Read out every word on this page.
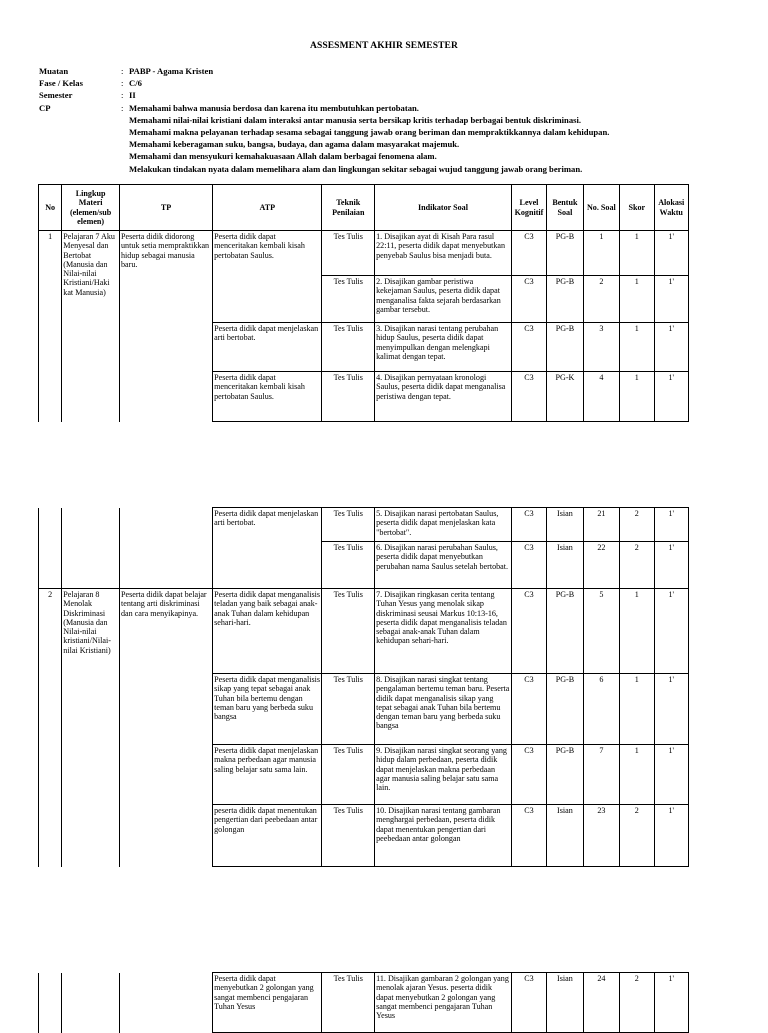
ASSESMENT AKHIR SEMESTER
Muatan	: PABP - Agama Kristen
Fase / Kelas	: C/6
Semester	: II
CP	: Memahami bahwa manusia berdosa dan karena itu membutuhkan pertobatan.
Memahami nilai-nilai kristiani dalam interaksi antar manusia serta bersikap kritis terhadap berbagai bentuk diskriminasi.
Memahami makna pelayanan terhadap sesama sebagai tanggung jawab orang beriman dan mempraktikkannya dalam kehidupan.
Memahami keberagaman suku, bangsa, budaya, dan agama dalam masyarakat majemuk.
Memahami dan mensyukuri kemahakuasaan Allah dalam berbagai fenomena alam.
Melakukan tindakan nyata dalam memelihara alam dan lingkungan sekitar sebagai wujud tanggung jawab orang beriman.
No	Lingkup Materi (elemen/sub elemen)	TP	ATP	Teknik Penilaian	Indikator Soal	Level Kognitif	Bentuk Soal	No. Soal	Skor	Alokasi Waktu
1	Pelajaran 7 Aku Menyesal dan Bertobat (Manusia dan Nilai-nilai Kristiani/Haki kat Manusia)	Peserta didik didorong untuk setia mempraktikkan hidup sebagai manusia baru.	Peserta didik dapat menceritakan kembali kisah pertobatan Saulus.	Tes Tulis	1. Disajikan ayat di Kisah Para rasul 22:11, peserta didik dapat menyebutkan penyebab Saulus bisa menjadi buta.	C3	PG-B	1	1	1'
				Tes Tulis	2. Disajikan gambar peristiwa kekejaman Saulus, peserta didik dapat menganalisa fakta sejarah berdasarkan gambar tersebut.	C3	PG-B	2	1	1'
			Peserta didik dapat menjelaskan arti bertobat.	Tes Tulis	3. Disajikan narasi tentang perubahan hidup Saulus, peserta didik dapat menyimpulkan dengan melengkapi kalimat dengan tepat.	C3	PG-B	3	1	1'
			Peserta didik dapat menceritakan kembali kisah pertobatan Saulus.	Tes Tulis	4. Disajikan pernyataan kronologi Saulus, peserta didik dapat menganalisa peristiwa dengan tepat.	C3	PG-K	4	1	1'
			Peserta didik dapat menjelaskan arti bertobat.	Tes Tulis	5. Disajikan narasi pertobatan Saulus, peserta didik dapat menjelaskan kata "bertobat".	C3	Isian	21	2	1'
				Tes Tulis	6. Disajikan narasi perubahan Saulus, peserta didik dapat menyebutkan perubahan nama Saulus setelah bertobat.	C3	Isian	22	2	1'
2	Pelajaran 8 Menolak Diskriminasi (Manusia dan Nilai-nilai kristiani/Nilai-nilai Kristiani)	Peserta didik dapat belajar tentang arti diskriminasi dan cara menyikapinya.	Peserta didik dapat menganalisis teladan yang baik sebagai anak-anak Tuhan dalam kehidupan sehari-hari.	Tes Tulis	7. Disajikan ringkasan cerita tentang Tuhan Yesus yang menolak sikap diskriminasi seusai Markus 10:13-16, peserta didik dapat menganalisis teladan sebagai anak-anak Tuhan dalam kehidupan sehari-hari.	C3	PG-B	5	1	1'
			Peserta didik dapat menganalisis sikap yang tepat sebagai anak Tuhan bila bertemu dengan teman baru yang berbeda suku bangsa	Tes Tulis	8. Disajikan narasi singkat tentang pengalaman bertemu teman baru. Peserta didik dapat menganalisis sikap yang tepat sebagai anak Tuhan bila bertemu dengan teman baru yang berbeda suku bangsa	C3	PG-B	6	1	1'
			Peserta didik dapat menjelaskan makna perbedaan agar manusia saling belajar satu sama lain.	Tes Tulis	9. Disajikan narasi singkat seorang yang hidup dalam perbedaan, peserta didik dapat menjelaskan makna perbedaan agar manusia saling belajar satu sama lain.	C3	PG-B	7	1	1'
			peserta didik dapat menentukan pengertian dari peebedaan antar golongan	Tes Tulis	10. Disajikan narasi tentang gambaran menghargai perbedaan, peserta didik dapat menentukan pengertian dari peebedaan antar golongan	C3	Isian	23	2	1'
			Peserta didik dapat menyebutkan 2 golongan yang sangat membenci pengajaran Tuhan Yesus	Tes Tulis	11. Disajikan gambaran 2 golongan yang menolak ajaran Yesus. peserta didik dapat menyebutkan 2 golongan yang sangat membenci pengajaran Tuhan Yesus	C3	Isian	24	2	1'
